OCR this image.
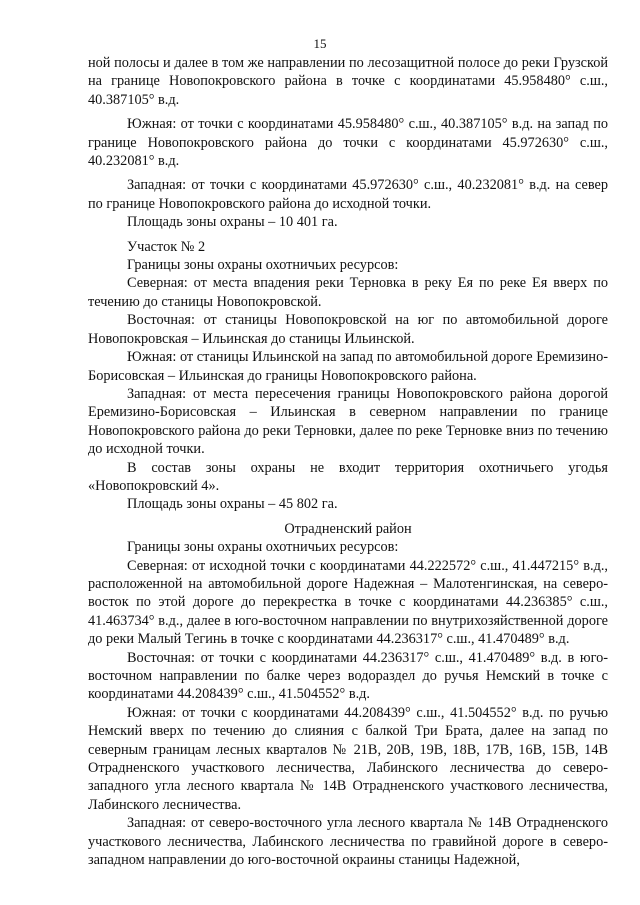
15

ной полосы и далее в том же направлении по лесозащитной полосе до реки Грузской на границе Новопокровского района в точке с координатами 45.958480° с.ш., 40.387105° в.д.

Южная: от точки с координатами 45.958480° с.ш., 40.387105° в.д. на запад по границе Новопокровского района до точки с координатами 45.972630° с.ш., 40.232081° в.д.

Западная: от точки с координатами 45.972630° с.ш., 40.232081° в.д. на север по границе Новопокровского района до исходной точки.

Площадь зоны охраны – 10 401 га.

Участок № 2

Границы зоны охраны охотничьих ресурсов:

Северная: от места впадения реки Терновка в реку Ея по реке Ея вверх по течению до станицы Новопокровской.

Восточная: от станицы Новопокровской на юг по автомобильной дороге Новопокровская – Ильинская до станицы Ильинской.

Южная: от станицы Ильинской на запад по автомобильной дороге Еремизино-Борисовская – Ильинская до границы Новопокровского района.

Западная: от места пересечения границы Новопокровского района дорогой Еремизино-Борисовская – Ильинская в северном направлении по границе Новопокровского района до реки Терновки, далее по реке Терновке вниз по течению до исходной точки.

В состав зоны охраны не входит территория охотничьего угодья «Новопокровский 4».

Площадь зоны охраны – 45 802 га.

Отрадненский район

Границы зоны охраны охотничьих ресурсов:

Северная: от исходной точки с координатами 44.222572° с.ш., 41.447215° в.д., расположенной на автомобильной дороге Надежная – Малотенгинская, на северо-восток по этой дороге до перекрестка в точке с координатами 44.236385° с.ш., 41.463734° в.д., далее в юго-восточном направлении по внутрихозяйственной дороге до реки Малый Тегинь в точке с координатами 44.236317° с.ш., 41.470489° в.д.

Восточная: от точки с координатами 44.236317° с.ш., 41.470489° в.д. в юго-восточном направлении по балке через водораздел до ручья Немский в точке с координатами 44.208439° с.ш., 41.504552° в.д.

Южная: от точки с координатами 44.208439° с.ш., 41.504552° в.д. по ручью Немский вверх по течению до слияния с балкой Три Брата, далее на запад по северным границам лесных кварталов № 21В, 20В, 19В, 18В, 17В, 16В, 15В, 14В Отрадненского участкового лесничества, Лабинского лесничества до северо-западного угла лесного квартала № 14В Отрадненского участкового лесничества, Лабинского лесничества.

Западная: от северо-восточного угла лесного квартала № 14В Отрадненского участкового лесничества, Лабинского лесничества по гравийной дороге в северо-западном направлении до юго-восточной окраины станицы Надежной,
